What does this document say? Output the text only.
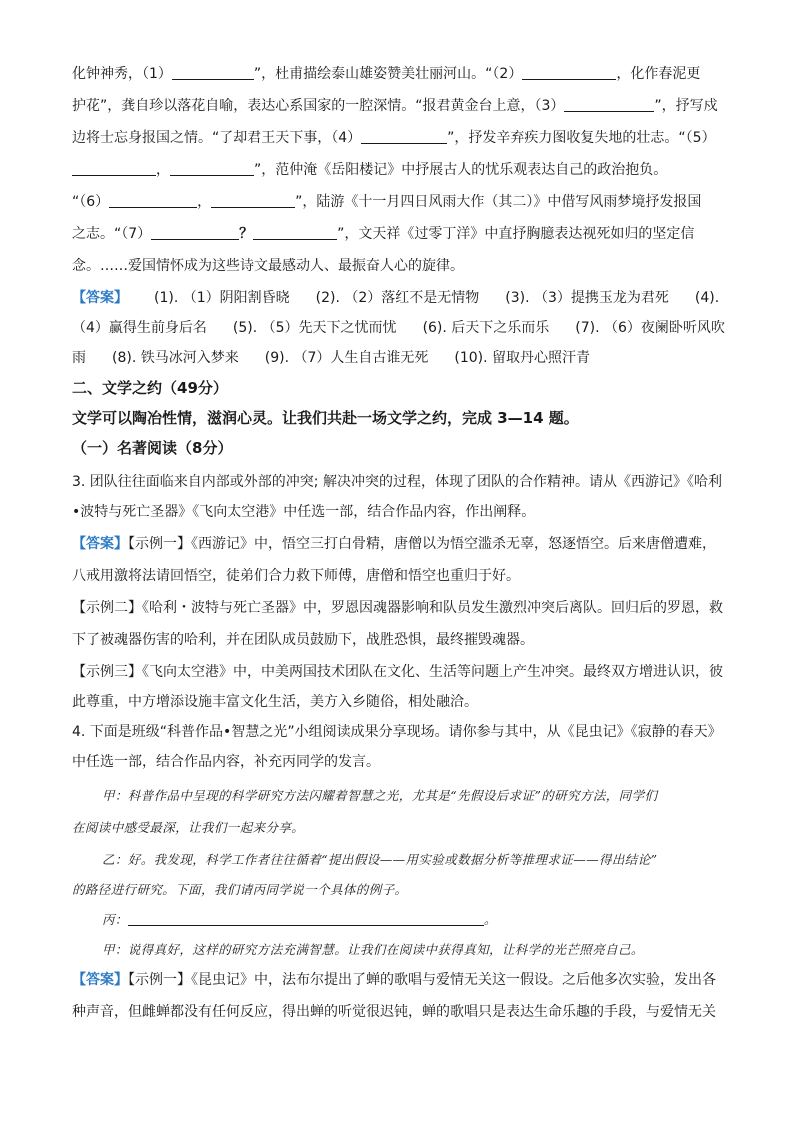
化钟神秀，（1）	”，杜甫描绘泰山雄姿赞美壮丽河山。“（2）	，化作春泥更
护花”，龚自珍以落花自喻，表达心系国家的一腔深情。“报君黄金台上意，（3）	”，抒写戍
边将士忘身报国之情。“了却君王天下事，（4）	”，抒发辛弃疾力图收复失地的壮志。“（5）
，	”，范仲淹《岳阳楼记》中抒展古人的忧乐观表达自己的政治抱负。
“（6）	，	”，陆游《十一月四日风雨大作（其二）》中借写风雨梦境抒发报国
之志。“（7）	？	”，文天祥《过零丁洋》中直抒胸臆表达视死如归的坚定信
念。……爱国情怀成为这些诗文最感动人、最振奋人心的旋律。
【答案】 (1). （1）阴阳割昏晓 (2). （2）落红不是无情物 (3). （3）提携玉龙为君死 (4).
（4）赢得生前身后名 (5). （5）先天下之忧而忧 (6). 后天下之乐而乐 (7). （6）夜阑卧听风吹
雨 (8). 铁马冰河入梦来 (9). （7）人生自古谁无死 (10). 留取丹心照汗青
二、文学之约（49分）
文学可以陶冶性情，滋润心灵。让我们共赴一场文学之约，完成 3—14 题。
（一）名著阅读（8分）
3. 团队往往面临来自内部或外部的冲突; 解决冲突的过程，体现了团队的合作精神。请从《西游记》《哈利
•波特与死亡圣器》《飞向太空港》中任选一部，结合作品内容，作出阐释。
【答案】【示例一】《西游记》中，悟空三打白骨精，唐僧以为悟空滥杀无辜，怒逐悟空。后来唐僧遭难，
八戒用激将法请回悟空，徒弟们合力救下师傅，唐僧和悟空也重归于好。
【示例二】《哈利・波特与死亡圣器》中，罗恩因魂器影响和队员发生激烈冲突后离队。回归后的罗恩，救
下了被魂器伤害的哈利，并在团队成员鼓励下，战胜恐惧，最终摧毁魂器。
【示例三】《飞向太空港》中，中美两国技术团队在文化、生活等问题上产生冲突。最终双方增进认识，彼
此尊重，中方增添设施丰富文化生活，美方入乡随俗，相处融洽。
4. 下面是班级“科普作品•智慧之光”小组阅读成果分享现场。请你参与其中，从《昆虫记》《寂静的春天》
中任选一部，结合作品内容，补充丙同学的发言。
甲：科普作品中呈现的科学研究方法闪耀着智慧之光，尤其是“先假设后求证”的研究方法，同学们
在阅读中感受最深，让我们一起来分享。
乙：好。我发现，科学工作者往往循着“提出假设——用实验或数据分析等推理求证——得出结论”
的路径进行研究。下面，我们请丙同学说一个具体的例子。
丙：	。
甲：说得真好，这样的研究方法充满智慧。让我们在阅读中获得真知，让科学的光芒照亮自己。
【答案】【示例一】《昆虫记》中，法布尔提出了蝉的歌唱与爱情无关这一假设。之后他多次实验，发出各
种声音，但雌蝉都没有任何反应，得出蝉的听觉很迟钝，蝉的歌唱只是表达生命乐趣的手段，与爱情无关
